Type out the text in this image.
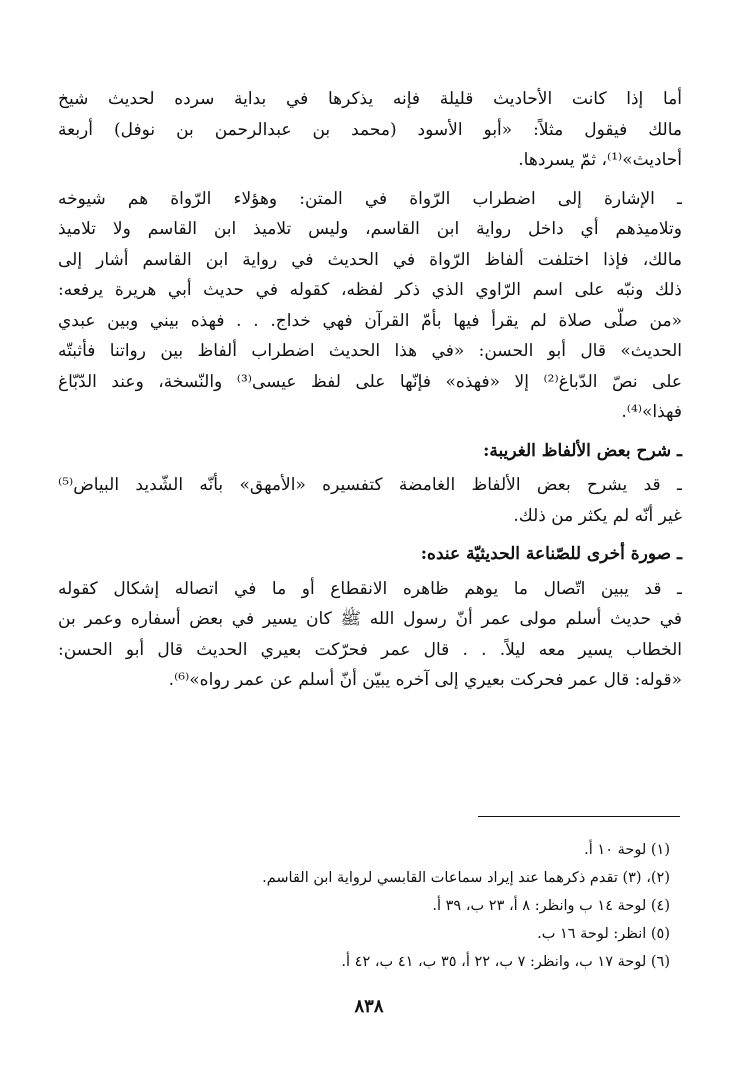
أما إذا كانت الأحاديث قليلة فإنه يذكرها في بداية سرده لحديث شيخ
مالك فيقول مثلاً: «أبو الأسود (محمد بن عبدالرحمن بن نوفل) أربعة
أحاديث»⁽¹⁾، ثمّ يسردها.
ـ الإشارة إلى اضطراب الرّواة في المتن: وهؤلاء الرّواة هم شيوخه
وتلاميذهم أي داخل رواية ابن القاسم، وليس تلاميذ ابن القاسم ولا تلاميذ
مالك، فإذا اختلفت ألفاظ الرّواة في الحديث في رواية ابن القاسم أشار إلى
ذلك ونبّه على اسم الرّاوي الذي ذكر لفظه، كقوله في حديث أبي هريرة يرفعه:
«من صلّى صلاة لم يقرأ فيها بأمّ القرآن فهي خداج. . . فهذه بيني وبين عبدي
الحديث» قال أبو الحسن: «في هذا الحديث اضطراب ألفاظ بين رواتنا فأثبتّه
على نصّ الدّباغ⁽²⁾ إلا «فهذه» فإنّها على لفظ عيسى⁽³⁾ والنّسخة، وعند الدّبّاغ
فهذا»⁽⁴⁾.
ـ شرح بعض الألفاظ الغريبة:
ـ قد يشرح بعض الألفاظ الغامضة كتفسيره «الأمهق» بأنّه الشّديد البياض⁽⁵⁾
غير أنّه لم يكثر من ذلك.
ـ صورة أخرى للصّناعة الحديثيّة عنده:
ـ قد يبين اتّصال ما يوهم ظاهره الانقطاع أو ما في اتصاله إشكال كقوله
في حديث أسلم مولى عمر أنّ رسول الله ﷺ كان يسير في بعض أسفاره وعمر بن
الخطاب يسير معه ليلاً. . . قال عمر فحرّكت بعيري الحديث قال أبو الحسن:
«قوله: قال عمر فحركت بعيري إلى آخره يبيّن أنّ أسلم عن عمر رواه»⁽⁶⁾.
(١) لوحة ١٠ أ.
(٢)، (٣) تقدم ذكرهما عند إيراد سماعات القابسي لرواية ابن القاسم.
(٤) لوحة ١٤ ب وانظر: ٨ أ، ٢٣ ب، ٣٩ أ.
(٥) انظر: لوحة ١٦ ب.
(٦) لوحة ١٧ ب، وانظر: ٧ ب، ٢٢ أ، ٣٥ ب، ٤١ ب، ٤٢ أ.
٨٣٨
